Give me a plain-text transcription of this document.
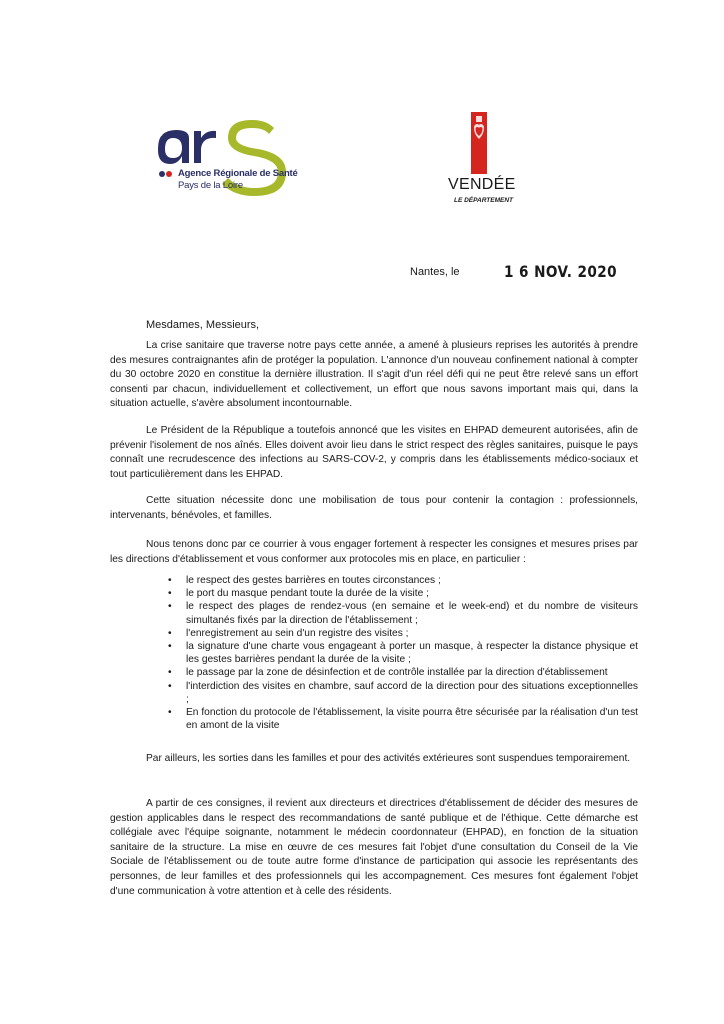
Agence Régionale de Santé
Pays de la Loire	VENDÉE
LE DÉPARTEMENT
Nantes, le	1 6 NOV. 2020
Mesdames, Messieurs,

La crise sanitaire que traverse notre pays cette année, a amené à plusieurs reprises les autorités à prendre des mesures contraignantes afin de protéger la population. L'annonce d'un nouveau confinement national à compter du 30 octobre 2020 en constitue la dernière illustration. Il s'agit d'un réel défi qui ne peut être relevé sans un effort consenti par chacun, individuellement et collectivement, un effort que nous savons important mais qui, dans la situation actuelle, s'avère absolument incontournable.

Le Président de la République a toutefois annoncé que les visites en EHPAD demeurent autorisées, afin de prévenir l'isolement de nos aînés. Elles doivent avoir lieu dans le strict respect des règles sanitaires, puisque le pays connaît une recrudescence des infections au SARS-COV-2, y compris dans les établissements médico-sociaux et tout particulièrement dans les EHPAD.

Cette situation nécessite donc une mobilisation de tous pour contenir la contagion : professionnels, intervenants, bénévoles, et familles.

Nous tenons donc par ce courrier à vous engager fortement à respecter les consignes et mesures prises par les directions d'établissement et vous conformer aux protocoles mis en place, en particulier :

• le respect des gestes barrières en toutes circonstances ;
• le port du masque pendant toute la durée de la visite ;
• le respect des plages de rendez-vous (en semaine et le week-end) et du nombre de visiteurs simultanés fixés par la direction de l'établissement ;
• l'enregistrement au sein d'un registre des visites ;
• la signature d'une charte vous engageant à porter un masque, à respecter la distance physique et les gestes barrières pendant la durée de la visite ;
• le passage par la zone de désinfection et de contrôle installée par la direction d'établissement
• l'interdiction des visites en chambre, sauf accord de la direction pour des situations exceptionnelles ;
• En fonction du protocole de l'établissement, la visite pourra être sécurisée par la réalisation d'un test en amont de la visite

Par ailleurs, les sorties dans les familles et pour des activités extérieures sont suspendues temporairement.

A partir de ces consignes, il revient aux directeurs et directrices d'établissement de décider des mesures de gestion applicables dans le respect des recommandations de santé publique et de l'éthique. Cette démarche est collégiale avec l'équipe soignante, notamment le médecin coordonnateur (EHPAD), en fonction de la situation sanitaire de la structure. La mise en œuvre de ces mesures fait l'objet d'une consultation du Conseil de la Vie Sociale de l'établissement ou de toute autre forme d'instance de participation qui associe les représentants des personnes, de leur familles et des professionnels qui les accompagnement. Ces mesures font également l'objet d'une communication à votre attention et à celle des résidents.
